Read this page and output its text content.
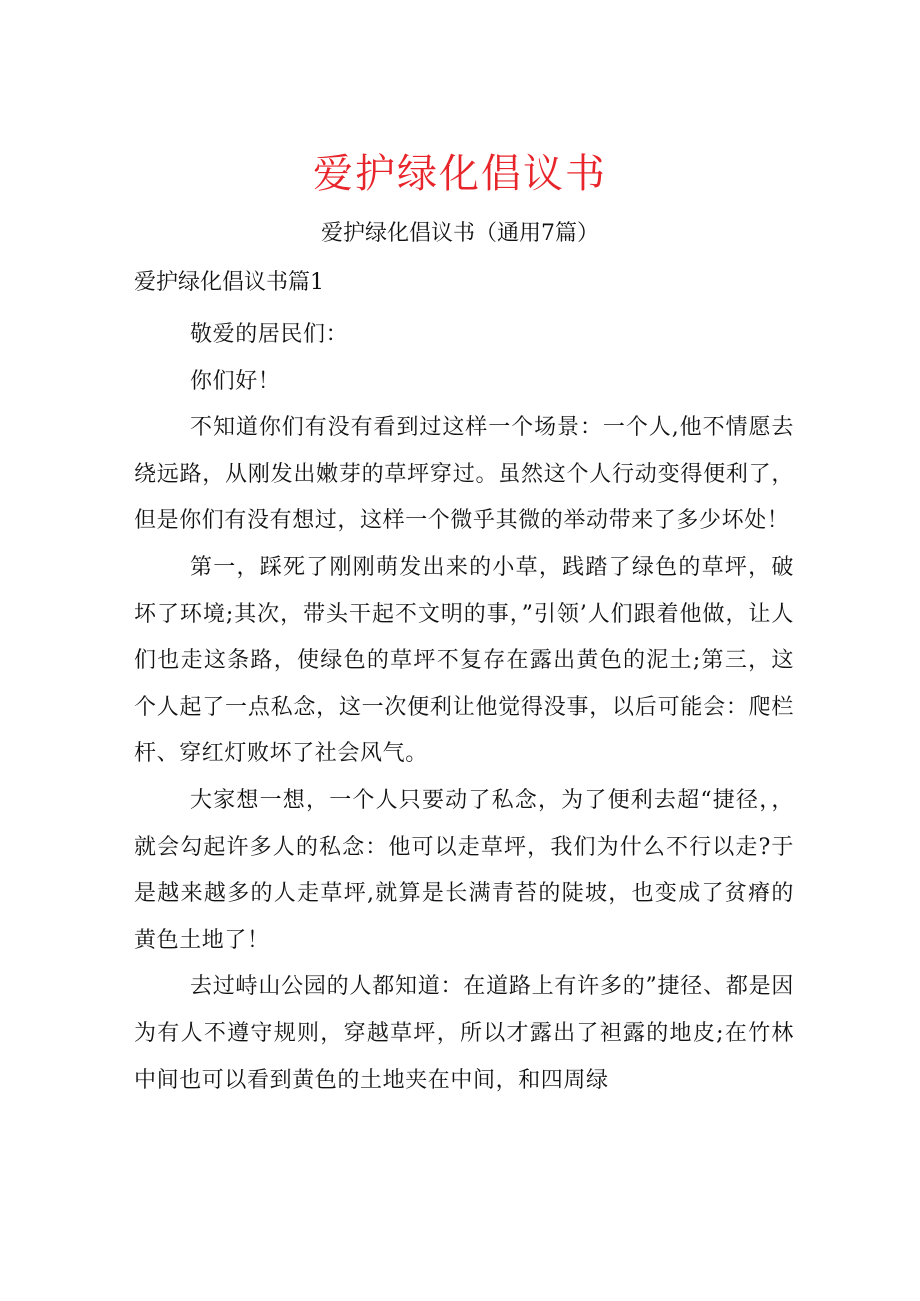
爱护绿化倡议书
爱护绿化倡议书（通用7篇）
爱护绿化倡议书篇1

敬爱的居民们：

你们好！

不知道你们有没有看到过这样一个场景：一个人,他不情愿去绕远路，从刚发出嫩芽的草坪穿过。虽然这个人行动变得便利了，但是你们有没有想过，这样一个微乎其微的举动带来了多少坏处！

第一，踩死了刚刚萌发出来的小草，践踏了绿色的草坪，破坏了环境;其次，带头干起不文明的事，”引领’人们跟着他做，让人们也走这条路，使绿色的草坪不复存在露出黄色的泥土;第三，这个人起了一点私念，这一次便利让他觉得没事，以后可能会：爬栏杆、穿红灯败坏了社会风气。

大家想一想，一个人只要动了私念，为了便利去超“捷径，，就会勾起许多人的私念：他可以走草坪，我们为什么不行以走?于是越来越多的人走草坪,就算是长满青苔的陡坡，也变成了贫瘠的黄色土地了！

去过峙山公园的人都知道：在道路上有许多的”捷径、都是因为有人不遵守规则，穿越草坪，所以才露出了袒露的地皮;在竹林中间也可以看到黄色的土地夹在中间，和四周绿
